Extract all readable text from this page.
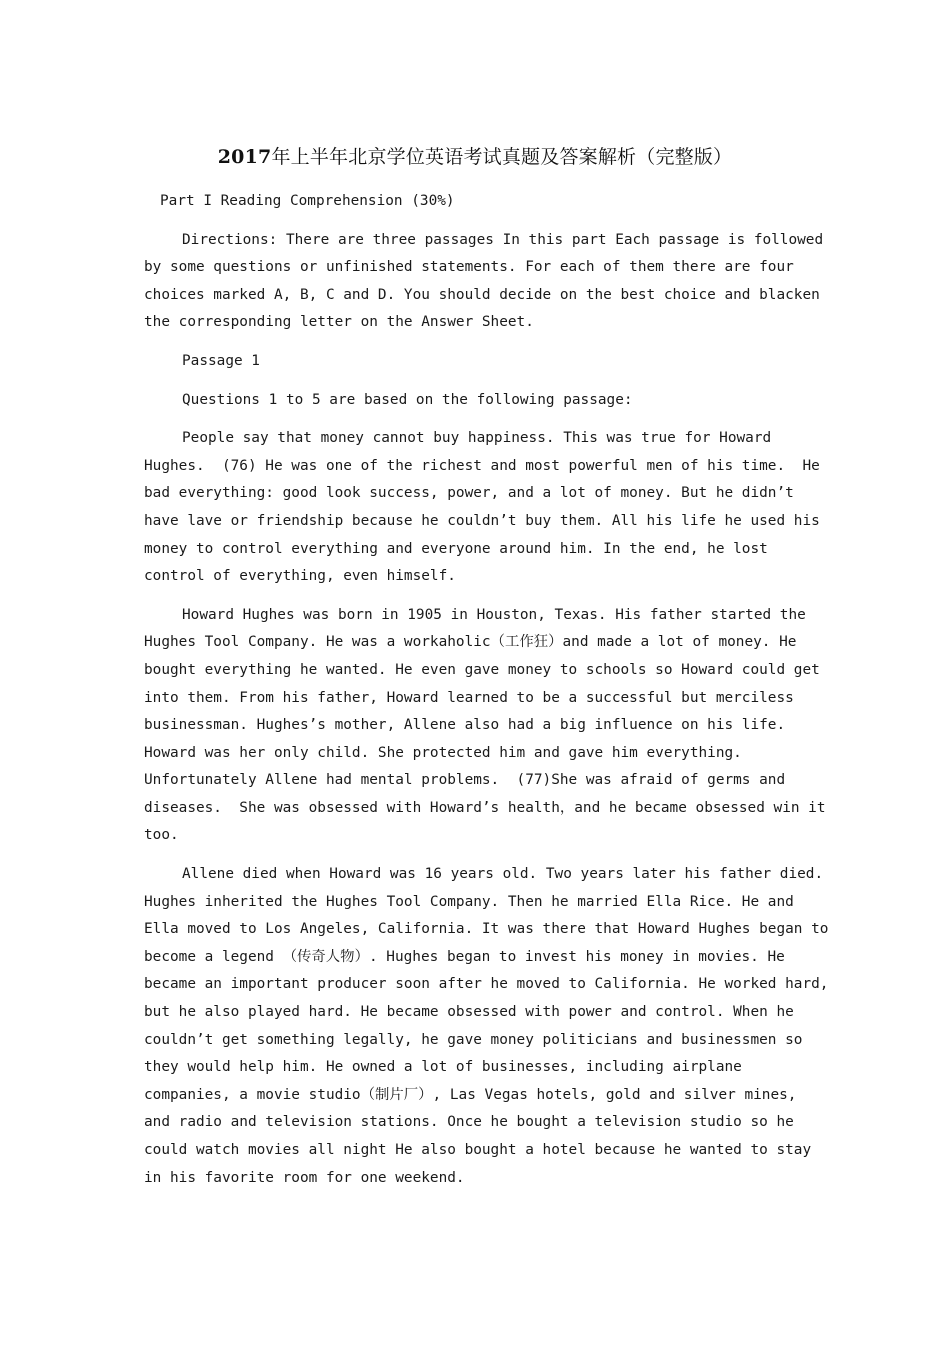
2017年上半年北京学位英语考试真题及答案解析（完整版）
Part I Reading Comprehension (30%)
Directions: There are three passages In this part Each passage is followed
by some questions or unfinished statements. For each of them there are four
choices marked A, B, C and D. You should decide on the best choice and blacken
the corresponding letter on the Answer Sheet.
Passage 1
Questions 1 to 5 are based on the following passage:
People say that money cannot buy happiness. This was true for Howard
Hughes.  (76) He was one of the richest and most powerful men of his time.  He
bad everything: good look success, power, and a lot of money. But he didn’t
have lave or friendship because he couldn’t buy them. All his life he used his
money to control everything and everyone around him. In the end, he lost
control of everything, even himself.
Howard Hughes was born in 1905 in Houston, Texas. His father started the
Hughes Tool Company. He was a workaholic（工作狂）and made a lot of money. He
bought everything he wanted. He even gave money to schools so Howard could get
into them. From his father, Howard learned to be a successful but merciless
businessman. Hughes’s mother, Allene also had a big influence on his life.
Howard was her only child. She protected him and gave him everything.
Unfortunately Allene had mental problems.  (77)She was afraid of germs and
diseases.  She was obsessed with Howard’s health，and he became obsessed win it
too.
Allene died when Howard was 16 years old. Two years later his father died.
Hughes inherited the Hughes Tool Company. Then he married Ella Rice. He and
Ella moved to Los Angeles, California. It was there that Howard Hughes began to
become a legend （传奇人物）. Hughes began to invest his money in movies. He
became an important producer soon after he moved to California. He worked hard,
but he also played hard. He became obsessed with power and control. When he
couldn’t get something legally, he gave money politicians and businessmen so
they would help him. He owned a lot of businesses, including airplane
companies, a movie studio（制片厂）, Las Vegas hotels, gold and silver mines,
and radio and television stations. Once he bought a television studio so he
could watch movies all night He also bought a hotel because he wanted to stay
in his favorite room for one weekend.
